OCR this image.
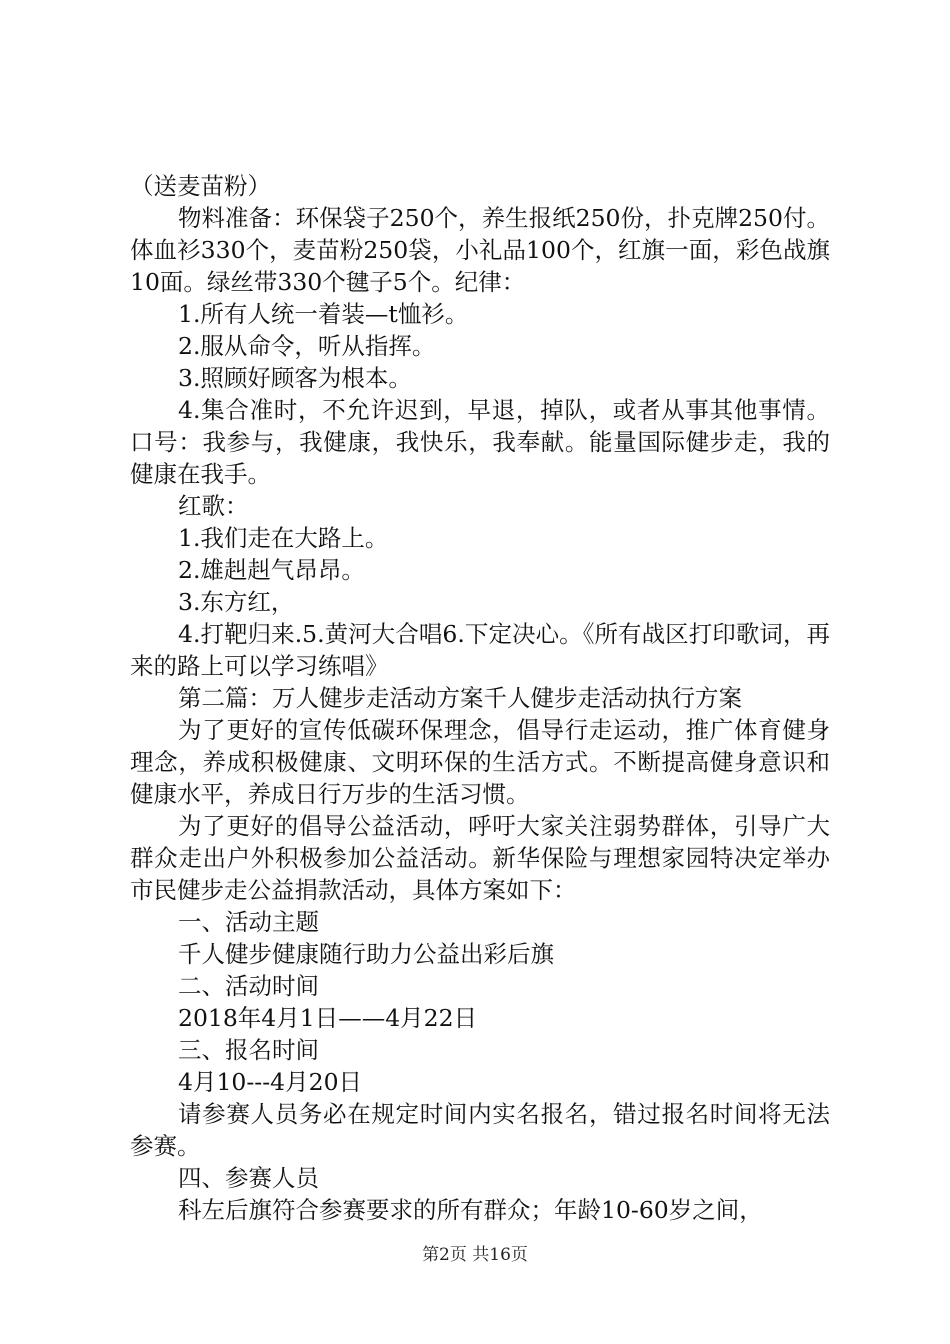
（送麦苗粉）

物料准备：环保袋子250个，养生报纸250份，扑克牌250付。体血衫330个，麦苗粉250袋，小礼品100个，红旗一面，彩色战旗10面。绿丝带330个毽子5个。纪律：

1.所有人统一着装—t恤衫。

2.服从命令，听从指挥。

3.照顾好顾客为根本。

4.集合准时，不允许迟到，早退，掉队，或者从事其他事情。口号：我参与，我健康，我快乐，我奉献。能量国际健步走，我的健康在我手。

红歌：

1.我们走在大路上。

2.雄赳赳气昂昂。

3.东方红，

4.打靶归来.5.黄河大合唱6.下定决心。《所有战区打印歌词，再来的路上可以学习练唱》

第二篇：万人健步走活动方案千人健步走活动执行方案

为了更好的宣传低碳环保理念，倡导行走运动，推广体育健身理念，养成积极健康、文明环保的生活方式。不断提高健身意识和健康水平，养成日行万步的生活习惯。

为了更好的倡导公益活动，呼吁大家关注弱势群体，引导广大群众走出户外积极参加公益活动。新华保险与理想家园特决定举办市民健步走公益捐款活动，具体方案如下：

一、活动主题

千人健步健康随行助力公益出彩后旗

二、活动时间

2018年4月1日——4月22日

三、报名时间

4月10---4月20日

请参赛人员务必在规定时间内实名报名，错过报名时间将无法参赛。

四、参赛人员

科左后旗符合参赛要求的所有群众；年龄10-60岁之间，

第2页 共16页
